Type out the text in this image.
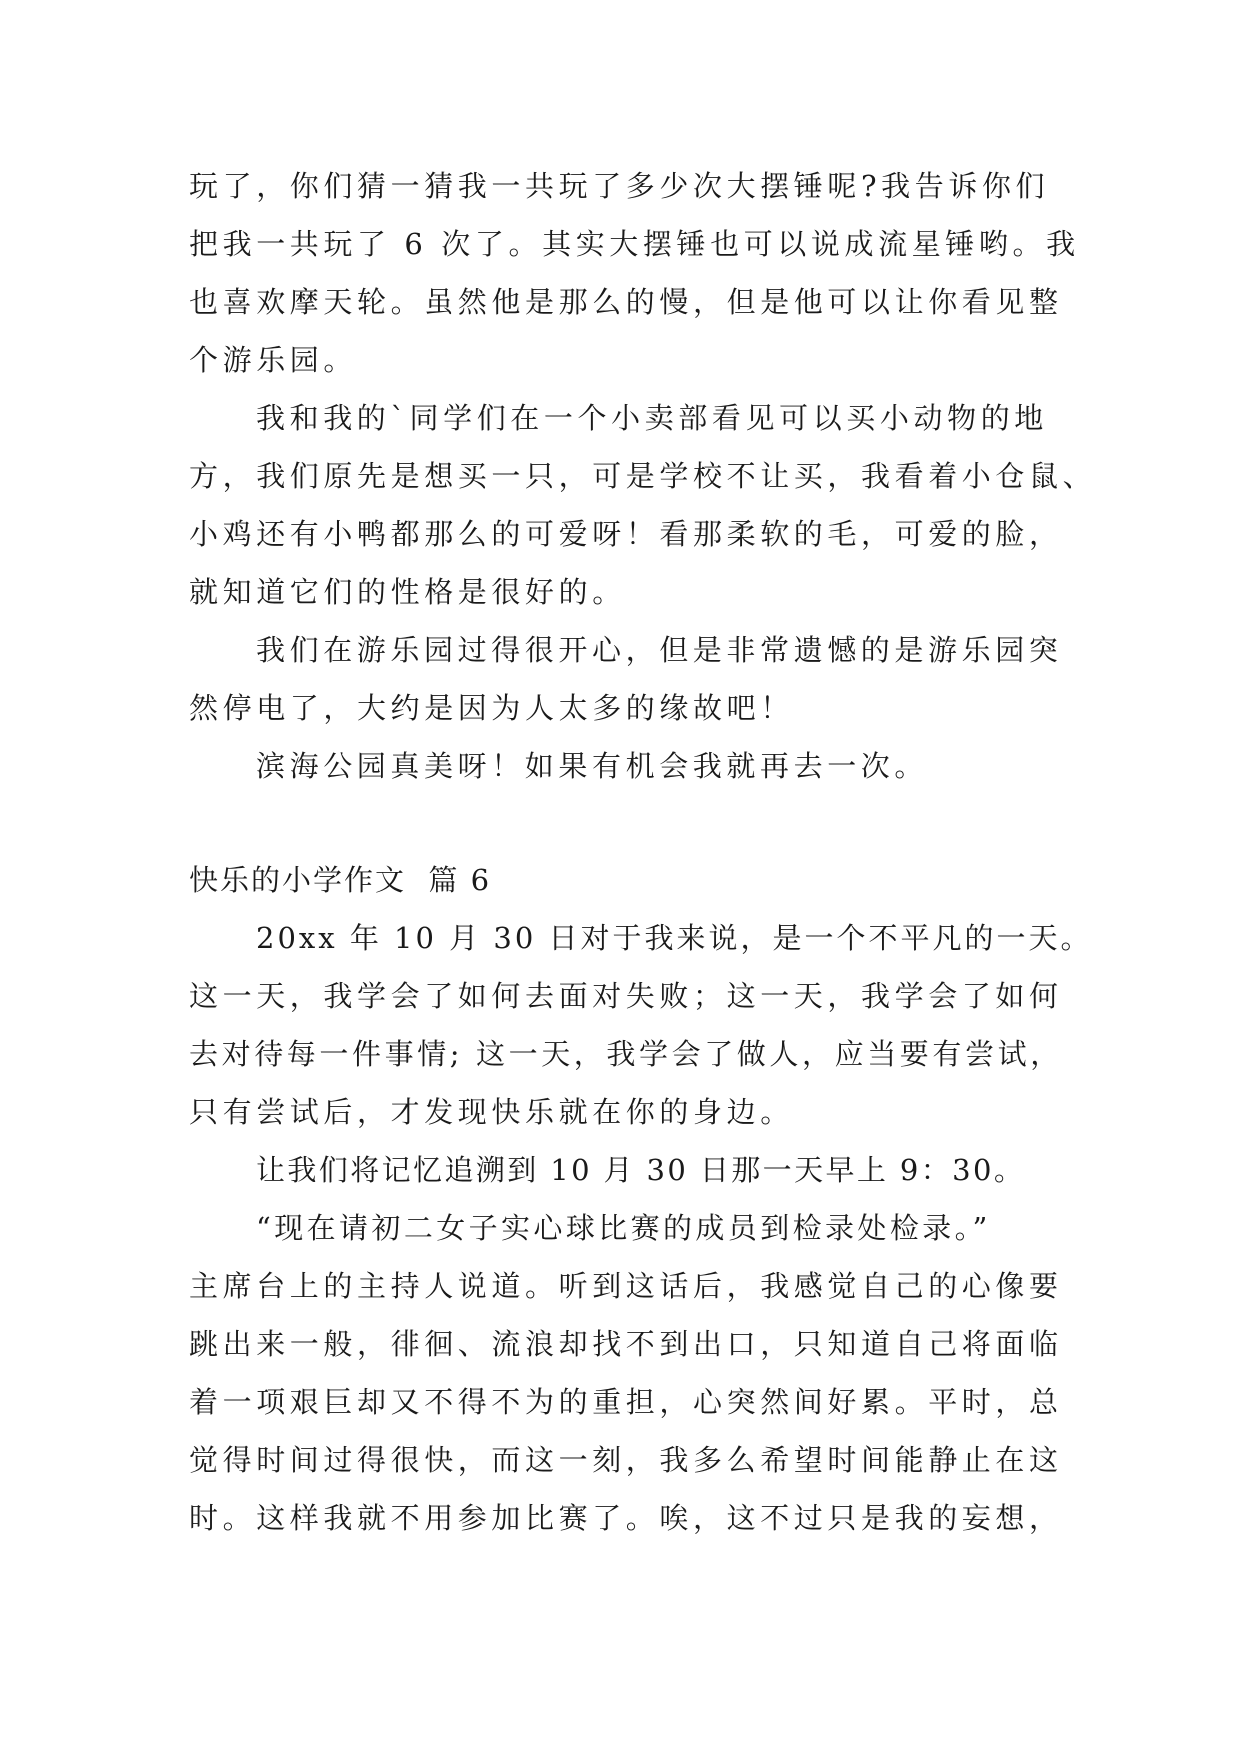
玩了，你们猜一猜我一共玩了多少次大摆锤呢?我告诉你们
把我一共玩了 6 次了。其实大摆锤也可以说成流星锤哟。我
也喜欢摩天轮。虽然他是那么的慢，但是他可以让你看见整
个游乐园。
我和我的`同学们在一个小卖部看见可以买小动物的地
方，我们原先是想买一只，可是学校不让买，我看着小仓鼠、
小鸡还有小鸭都那么的可爱呀！看那柔软的毛，可爱的脸，
就知道它们的性格是很好的。
我们在游乐园过得很开心，但是非常遗憾的是游乐园突
然停电了，大约是因为人太多的缘故吧！
滨海公园真美呀！如果有机会我就再去一次。
快乐的小学作文  篇 6
20xx 年 10 月 30 日对于我来说，是一个不平凡的一天。
这一天，我学会了如何去面对失败；这一天，我学会了如何
去对待每一件事情; 这一天，我学会了做人，应当要有尝试，
只有尝试后，才发现快乐就在你的身边。
让我们将记忆追溯到 10 月 30 日那一天早上 9：30。
“现在请初二女子实心球比赛的成员到检录处检录。”
主席台上的主持人说道。听到这话后，我感觉自己的心像要
跳出来一般，徘徊、流浪却找不到出口，只知道自己将面临
着一项艰巨却又不得不为的重担，心突然间好累。平时，总
觉得时间过得很快，而这一刻，我多么希望时间能静止在这
时。这样我就不用参加比赛了。唉，这不过只是我的妄想，
